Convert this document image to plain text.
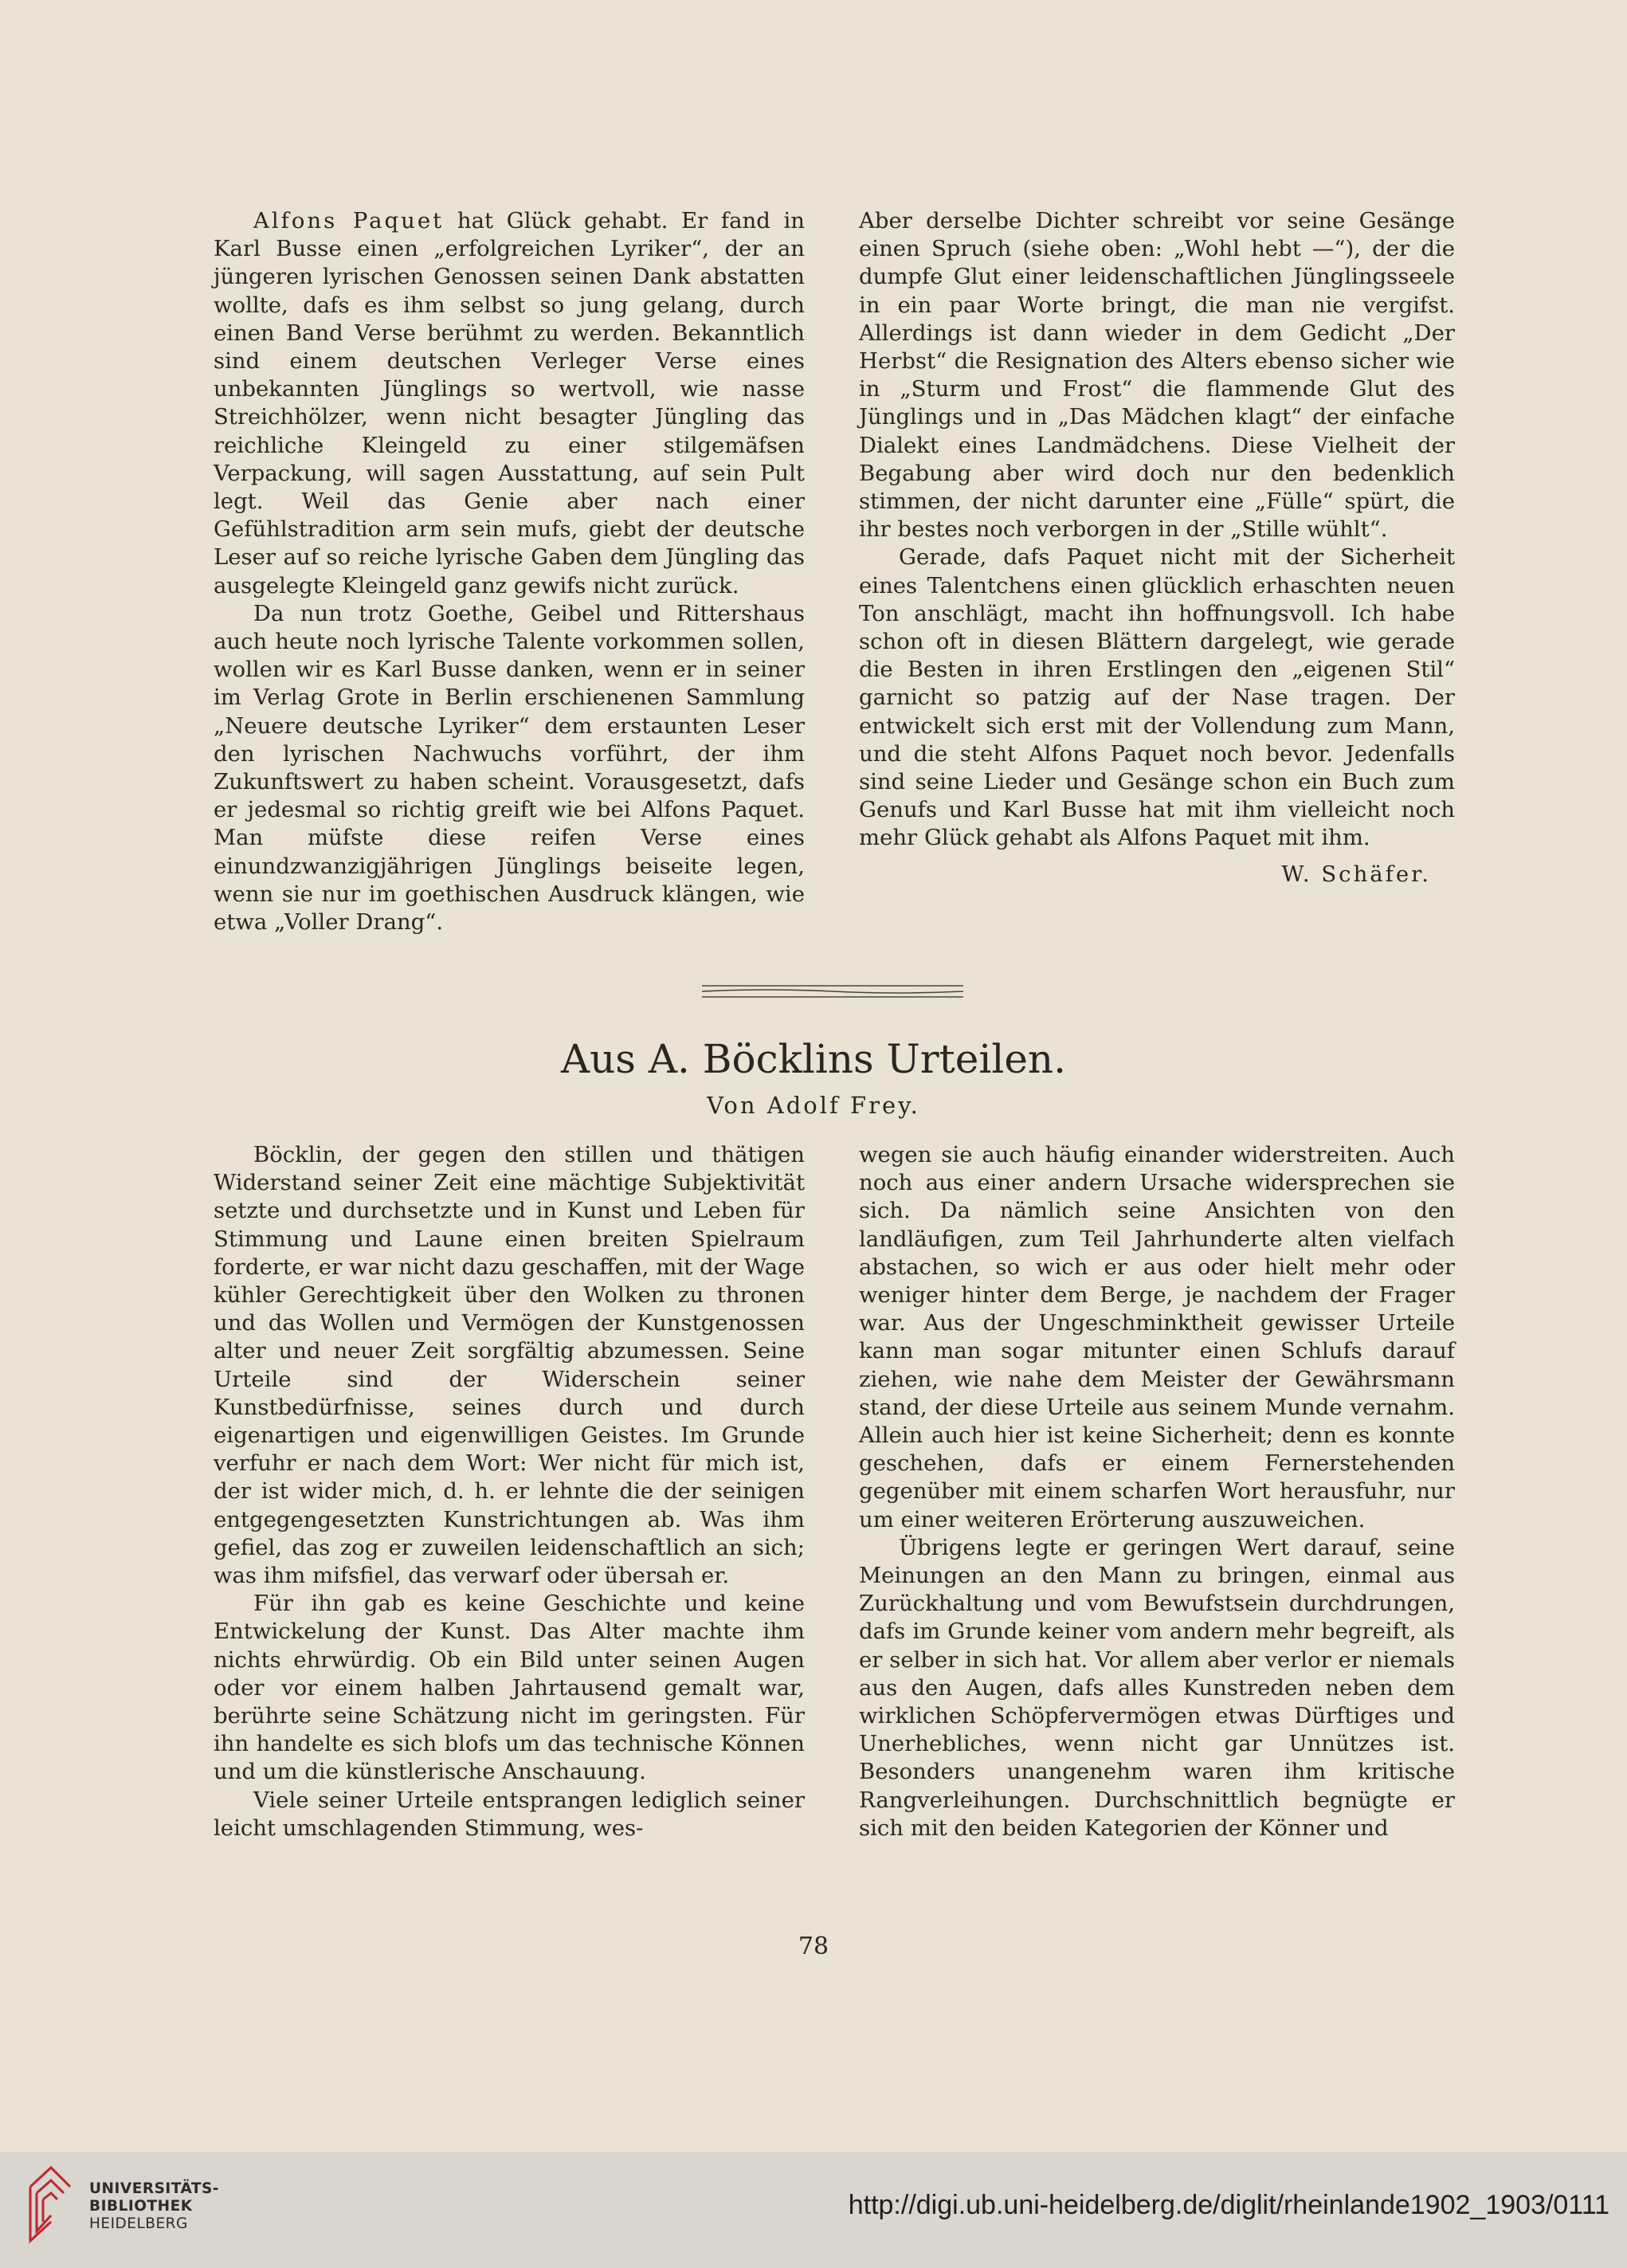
Alfons Paquet hat Glück gehabt. Er fand in Karl Busse einen „erfolgreichen Lyriker“, der an jüngeren lyrischen Genossen seinen Dank abstatten wollte, dafs es ihm selbst so jung gelang, durch einen Band Verse berühmt zu werden. Bekanntlich sind einem deutschen Verleger Verse eines unbekannten Jünglings so wertvoll, wie nasse Streichhölzer, wenn nicht besagter Jüngling das reichliche Kleingeld zu einer stilgemäfsen Verpackung, will sagen Ausstattung, auf sein Pult legt. Weil das Genie aber nach einer Gefühlstradition arm sein mufs, giebt der deutsche Leser auf so reiche lyrische Gaben dem Jüngling das ausgelegte Kleingeld ganz gewifs nicht zurück.

Da nun trotz Goethe, Geibel und Rittershaus auch heute noch lyrische Talente vorkommen sollen, wollen wir es Karl Busse danken, wenn er in seiner im Verlag Grote in Berlin erschienenen Sammlung „Neuere deutsche Lyriker“ dem erstaunten Leser den lyrischen Nachwuchs vorführt, der ihm Zukunftswert zu haben scheint. Vorausgesetzt, dafs er jedesmal so richtig greift wie bei Alfons Paquet. Man müfste diese reifen Verse eines einundzwanzigjährigen Jünglings beiseite legen, wenn sie nur im goethischen Ausdruck klängen, wie etwa „Voller Drang“.

Aber derselbe Dichter schreibt vor seine Gesänge einen Spruch (siehe oben: „Wohl hebt —“), der die dumpfe Glut einer leidenschaftlichen Jünglingsseele in ein paar Worte bringt, die man nie vergifst. Allerdings ist dann wieder in dem Gedicht „Der Herbst“ die Resignation des Alters ebenso sicher wie in „Sturm und Frost“ die flammende Glut des Jünglings und in „Das Mädchen klagt“ der einfache Dialekt eines Landmädchens. Diese Vielheit der Begabung aber wird doch nur den bedenklich stimmen, der nicht darunter eine „Fülle“ spürt, die ihr bestes noch verborgen in der „Stille wühlt“.

Gerade, dafs Paquet nicht mit der Sicherheit eines Talentchens einen glücklich erhaschten neuen Ton anschlägt, macht ihn hoffnungsvoll. Ich habe schon oft in diesen Blättern dargelegt, wie gerade die Besten in ihren Erstlingen den „eigenen Stil“ garnicht so patzig auf der Nase tragen. Der entwickelt sich erst mit der Vollendung zum Mann, und die steht Alfons Paquet noch bevor. Jedenfalls sind seine Lieder und Gesänge schon ein Buch zum Genufs und Karl Busse hat mit ihm vielleicht noch mehr Glück gehabt als Alfons Paquet mit ihm.

W. Schäfer.

Aus A. Böcklins Urteilen.
Von Adolf Frey.

Böcklin, der gegen den stillen und thätigen Widerstand seiner Zeit eine mächtige Subjektivität setzte und durchsetzte und in Kunst und Leben für Stimmung und Laune einen breiten Spielraum forderte, er war nicht dazu geschaffen, mit der Wage kühler Gerechtigkeit über den Wolken zu thronen und das Wollen und Vermögen der Kunstgenossen alter und neuer Zeit sorgfältig abzumessen. Seine Urteile sind der Widerschein seiner Kunstbedürfnisse, seines durch und durch eigenartigen und eigenwilligen Geistes. Im Grunde verfuhr er nach dem Wort: Wer nicht für mich ist, der ist wider mich, d. h. er lehnte die der seinigen entgegengesetzten Kunstrichtungen ab. Was ihm gefiel, das zog er zuweilen leidenschaftlich an sich; was ihm mifsfiel, das verwarf oder übersah er.

Für ihn gab es keine Geschichte und keine Entwickelung der Kunst. Das Alter machte ihm nichts ehrwürdig. Ob ein Bild unter seinen Augen oder vor einem halben Jahrtausend gemalt war, berührte seine Schätzung nicht im geringsten. Für ihn handelte es sich blofs um das technische Können und um die künstlerische Anschauung.

Viele seiner Urteile entsprangen lediglich seiner leicht umschlagenden Stimmung, wes-

wegen sie auch häufig einander widerstreiten. Auch noch aus einer andern Ursache widersprechen sie sich. Da nämlich seine Ansichten von den landläufigen, zum Teil Jahrhunderte alten vielfach abstachen, so wich er aus oder hielt mehr oder weniger hinter dem Berge, je nachdem der Frager war. Aus der Ungeschminktheit gewisser Urteile kann man sogar mitunter einen Schlufs darauf ziehen, wie nahe dem Meister der Gewährsmann stand, der diese Urteile aus seinem Munde vernahm. Allein auch hier ist keine Sicherheit; denn es konnte geschehen, dafs er einem Fernerstehenden gegenüber mit einem scharfen Wort herausfuhr, nur um einer weiteren Erörterung auszuweichen.

Übrigens legte er geringen Wert darauf, seine Meinungen an den Mann zu bringen, einmal aus Zurückhaltung und vom Bewufstsein durchdrungen, dafs im Grunde keiner vom andern mehr begreift, als er selber in sich hat. Vor allem aber verlor er niemals aus den Augen, dafs alles Kunstreden neben dem wirklichen Schöpfervermögen etwas Dürftiges und Unerhebliches, wenn nicht gar Unnützes ist. Besonders unangenehm waren ihm kritische Rangverleihungen. Durchschnittlich begnügte er sich mit den beiden Kategorien der Könner und

78
UNIVERSITÄTS-
BIBLIOTHEK
HEIDELBERG
http://digi.ub.uni-heidelberg.de/diglit/rheinlande1902_1903/0111
